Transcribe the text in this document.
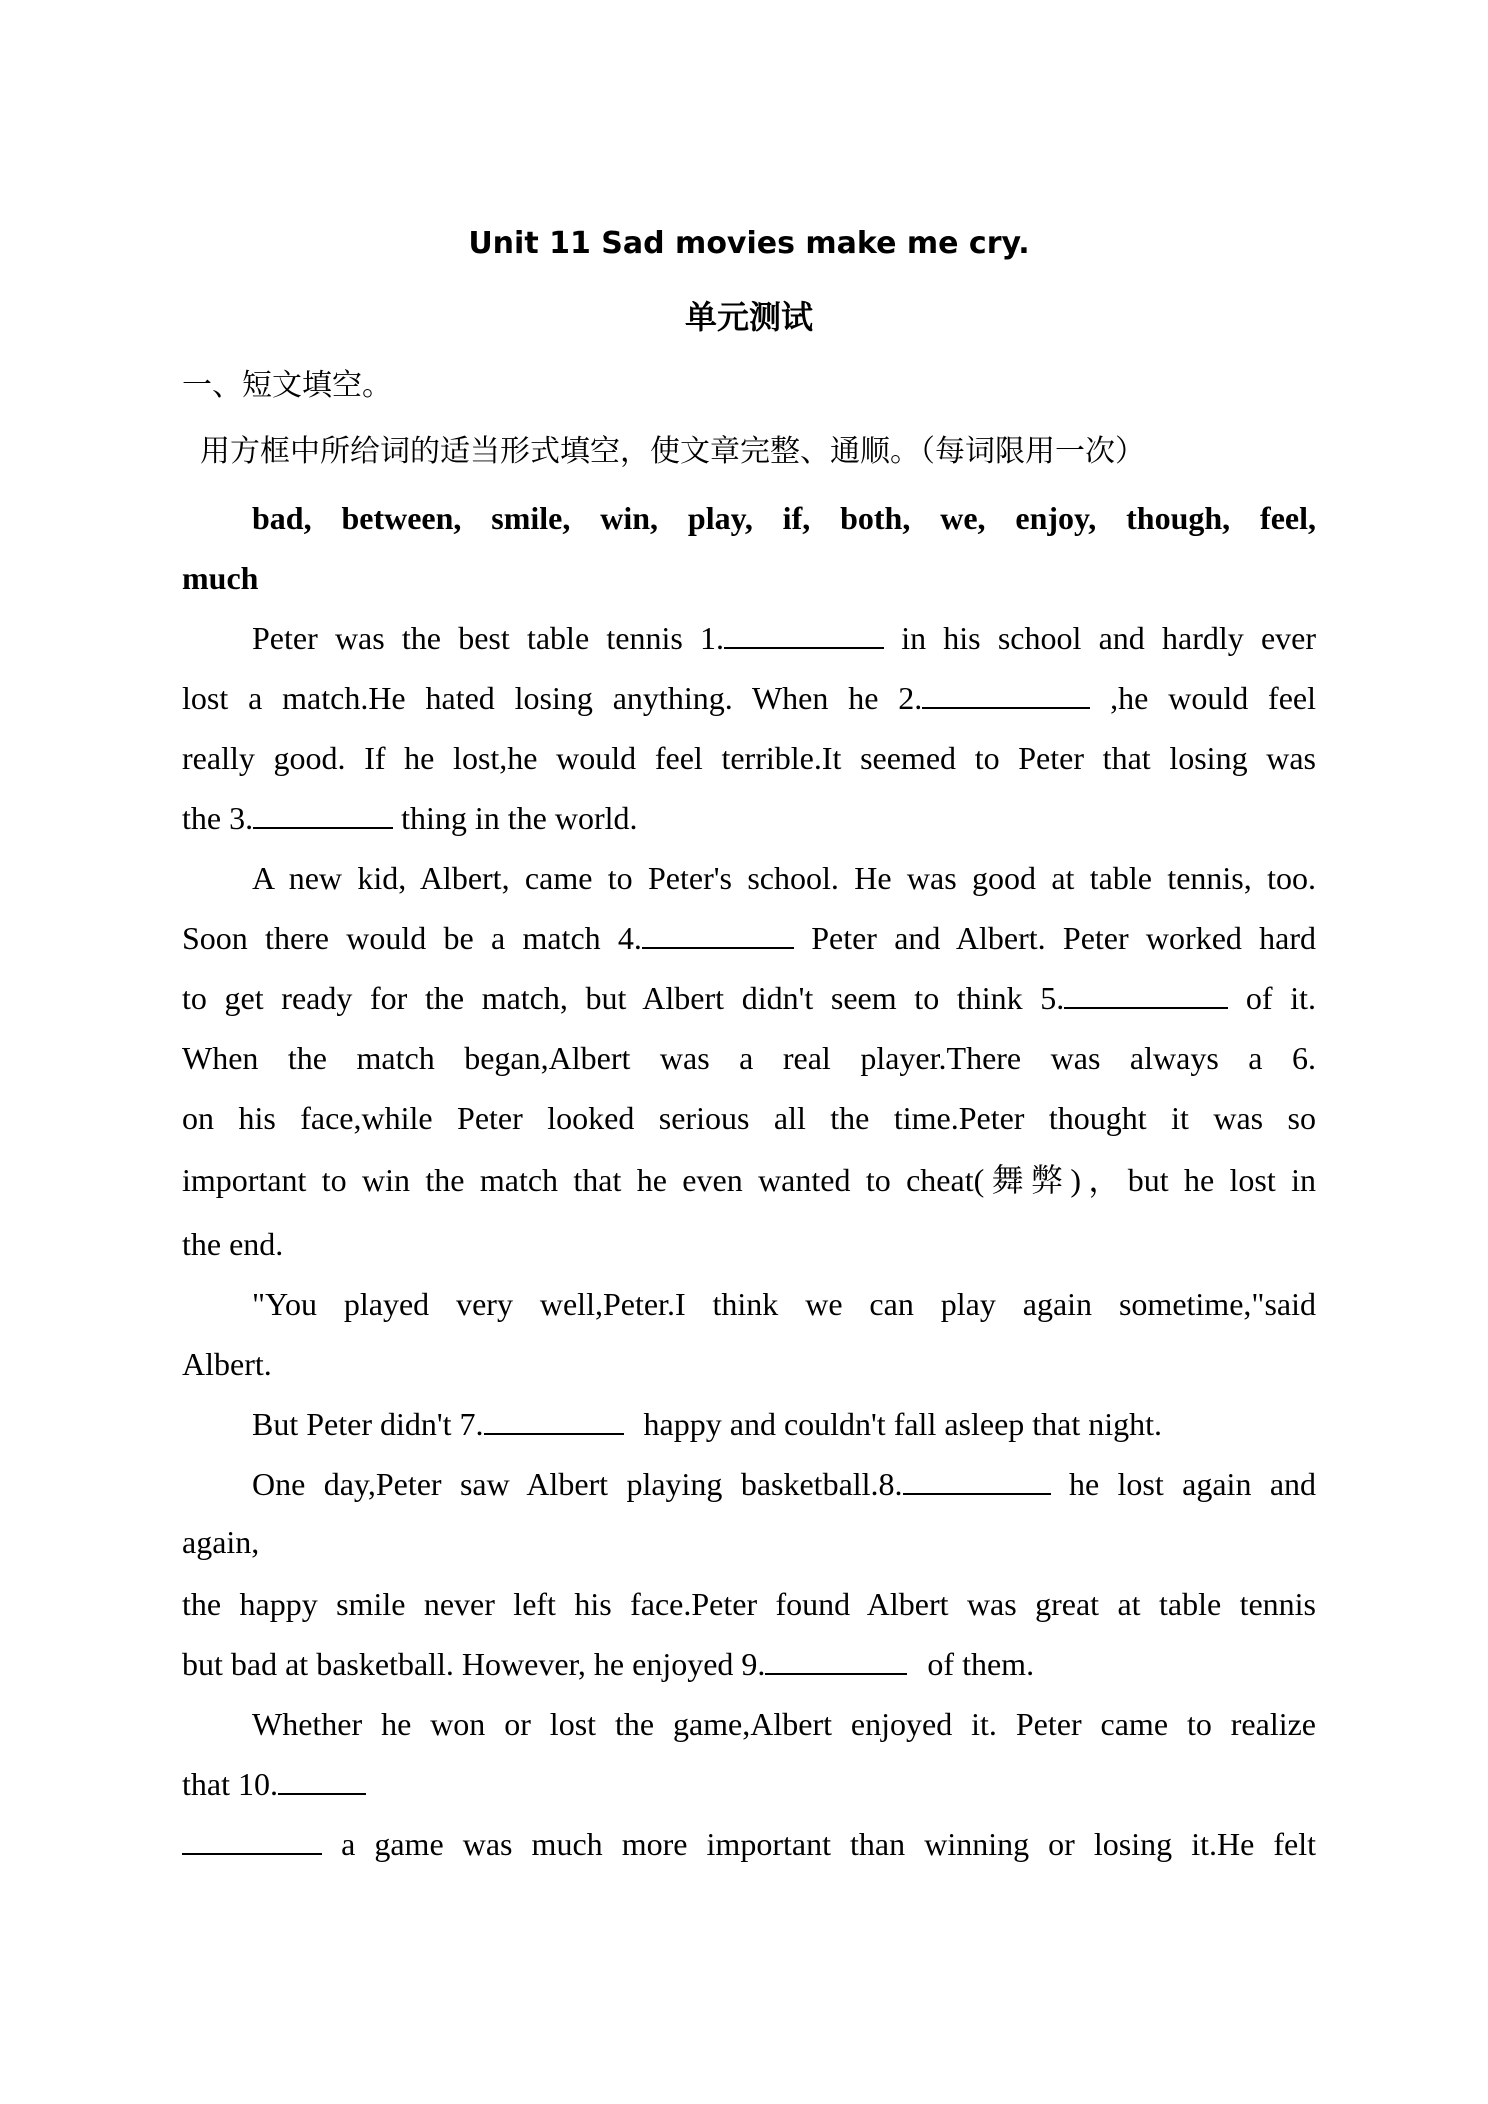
Unit 11 Sad movies make me cry.
单元测试
一、短文填空。
用方框中所给词的适当形式填空，使文章完整、通顺。（每词限用一次）
bad, between, smile, win, play, if, both, we, enjoy, though, feel,
much
Peter was the best table tennis 1.	in his school and hardly ever
lost a match.He hated losing anything. When he 2.	,he would feel
really good. If he lost,he would feel terrible.It seemed to Peter that losing was
the 3.	thing in the world.
A new kid, Albert, came to Peter's school. He was good at table tennis, too.
Soon there would be a match 4.	Peter and Albert. Peter worked hard
to get ready for the match, but Albert didn't seem to think 5.	of it.
When the match began,Albert was a real player.There was always a 6.
on his face,while Peter looked serious all the time.Peter thought it was so
important to win the match that he even wanted to cheat(舞弊)，but he lost in
the end.
"You played very well,Peter.I think we can play again sometime,"said
Albert.
But Peter didn't 7.	happy and couldn't fall asleep that night.
One day,Peter saw Albert playing basketball.8.	he lost again and
again,
the happy smile never left his face.Peter found Albert was great at table tennis
but bad at basketball. However, he enjoyed 9.	of them.
Whether he won or lost the game,Albert enjoyed it. Peter came to realize
that 10.
a game was much more important than winning or losing it.He felt
